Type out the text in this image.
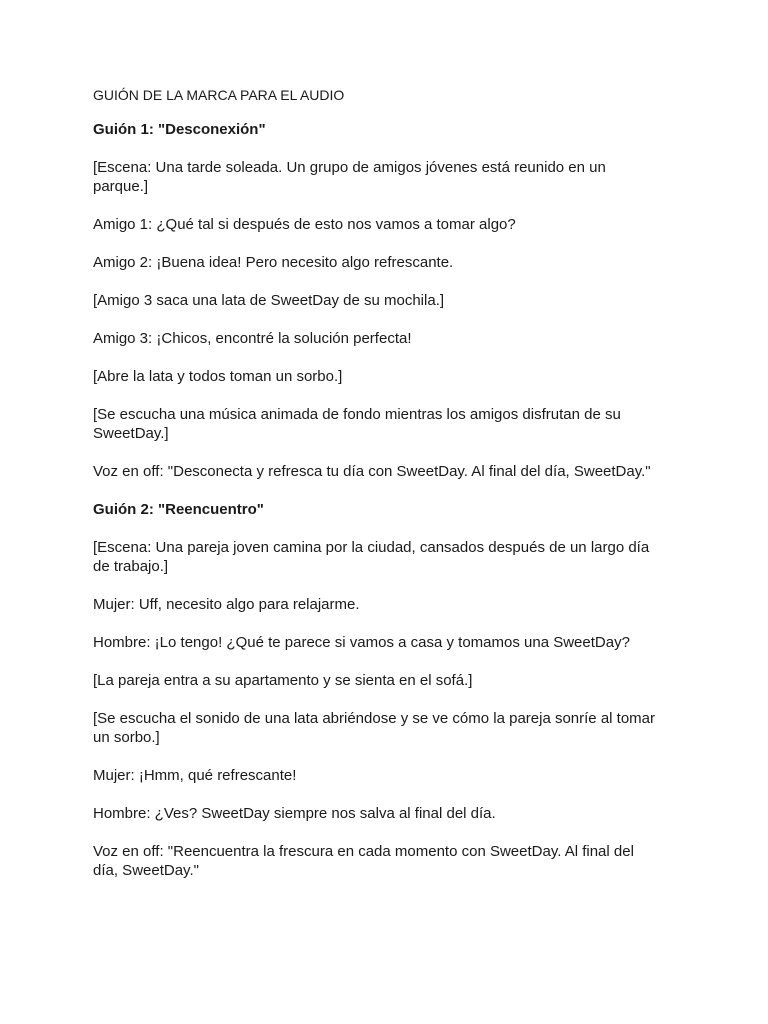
GUIÓN DE LA MARCA PARA EL AUDIO
Guión 1: "Desconexión"
[Escena: Una tarde soleada. Un grupo de amigos jóvenes está reunido en un
parque.]
Amigo 1: ¿Qué tal si después de esto nos vamos a tomar algo?
Amigo 2: ¡Buena idea! Pero necesito algo refrescante.
[Amigo 3 saca una lata de SweetDay de su mochila.]
Amigo 3: ¡Chicos, encontré la solución perfecta!
[Abre la lata y todos toman un sorbo.]
[Se escucha una música animada de fondo mientras los amigos disfrutan de su
SweetDay.]
Voz en off: "Desconecta y refresca tu día con SweetDay. Al final del día, SweetDay."
Guión 2: "Reencuentro"
[Escena: Una pareja joven camina por la ciudad, cansados después de un largo día
de trabajo.]
Mujer: Uff, necesito algo para relajarme.
Hombre: ¡Lo tengo! ¿Qué te parece si vamos a casa y tomamos una SweetDay?
[La pareja entra a su apartamento y se sienta en el sofá.]
[Se escucha el sonido de una lata abriéndose y se ve cómo la pareja sonríe al tomar
un sorbo.]
Mujer: ¡Hmm, qué refrescante!
Hombre: ¿Ves? SweetDay siempre nos salva al final del día.
Voz en off: "Reencuentra la frescura en cada momento con SweetDay. Al final del
día, SweetDay."
